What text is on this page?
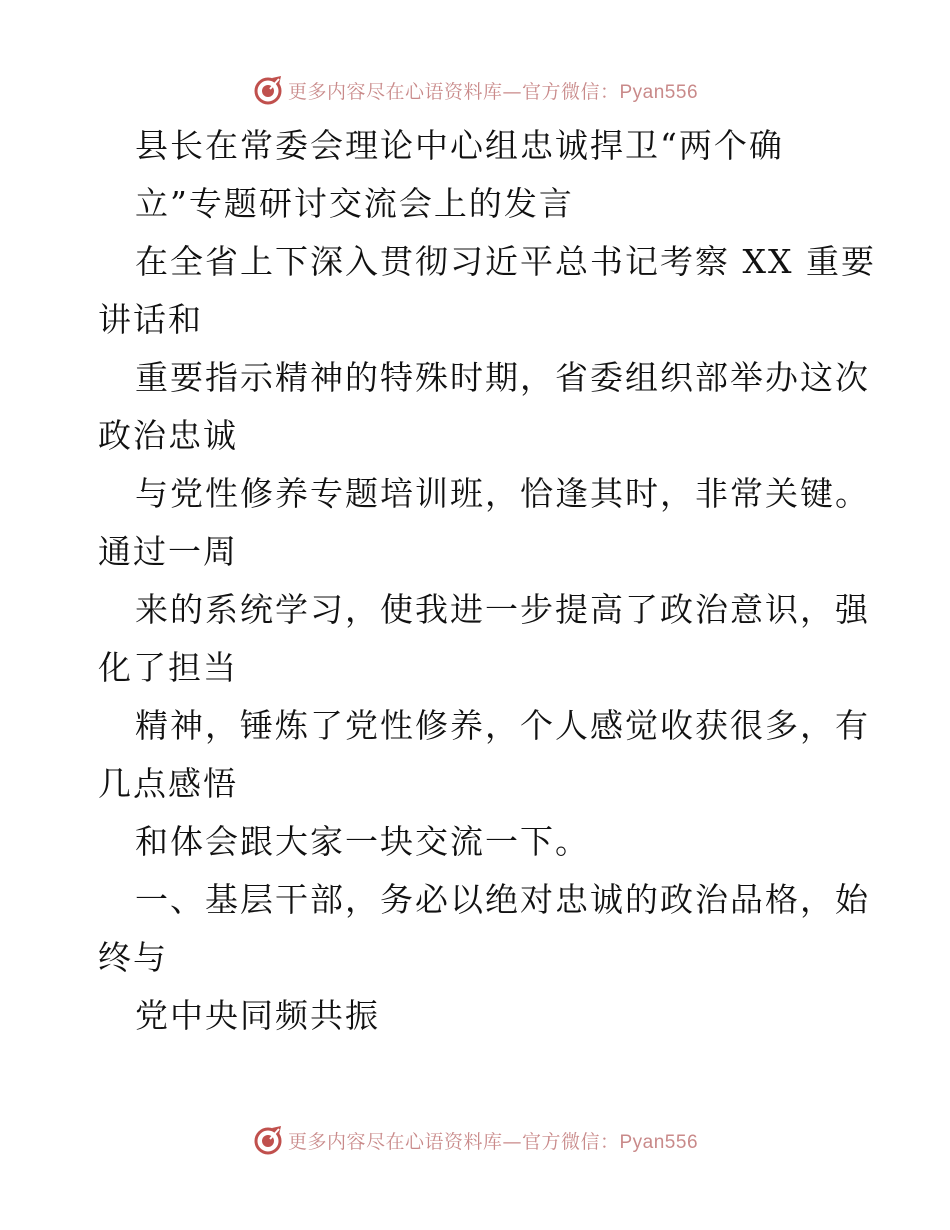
更多内容尽在心语资料库—官方微信：Pyan556
县长在常委会理论中心组忠诚捍卫“两个确
立”专题研讨交流会上的发言
在全省上下深入贯彻习近平总书记考察 XX 重要
讲话和
重要指示精神的特殊时期，省委组织部举办这次
政治忠诚
与党性修养专题培训班，恰逢其时，非常关键。
通过一周
来的系统学习，使我进一步提高了政治意识，强
化了担当
精神，锤炼了党性修养，个人感觉收获很多，有
几点感悟
和体会跟大家一块交流一下。
一、基层干部，务必以绝对忠诚的政治品格，始
终与
党中央同频共振
更多内容尽在心语资料库—官方微信：Pyan556
